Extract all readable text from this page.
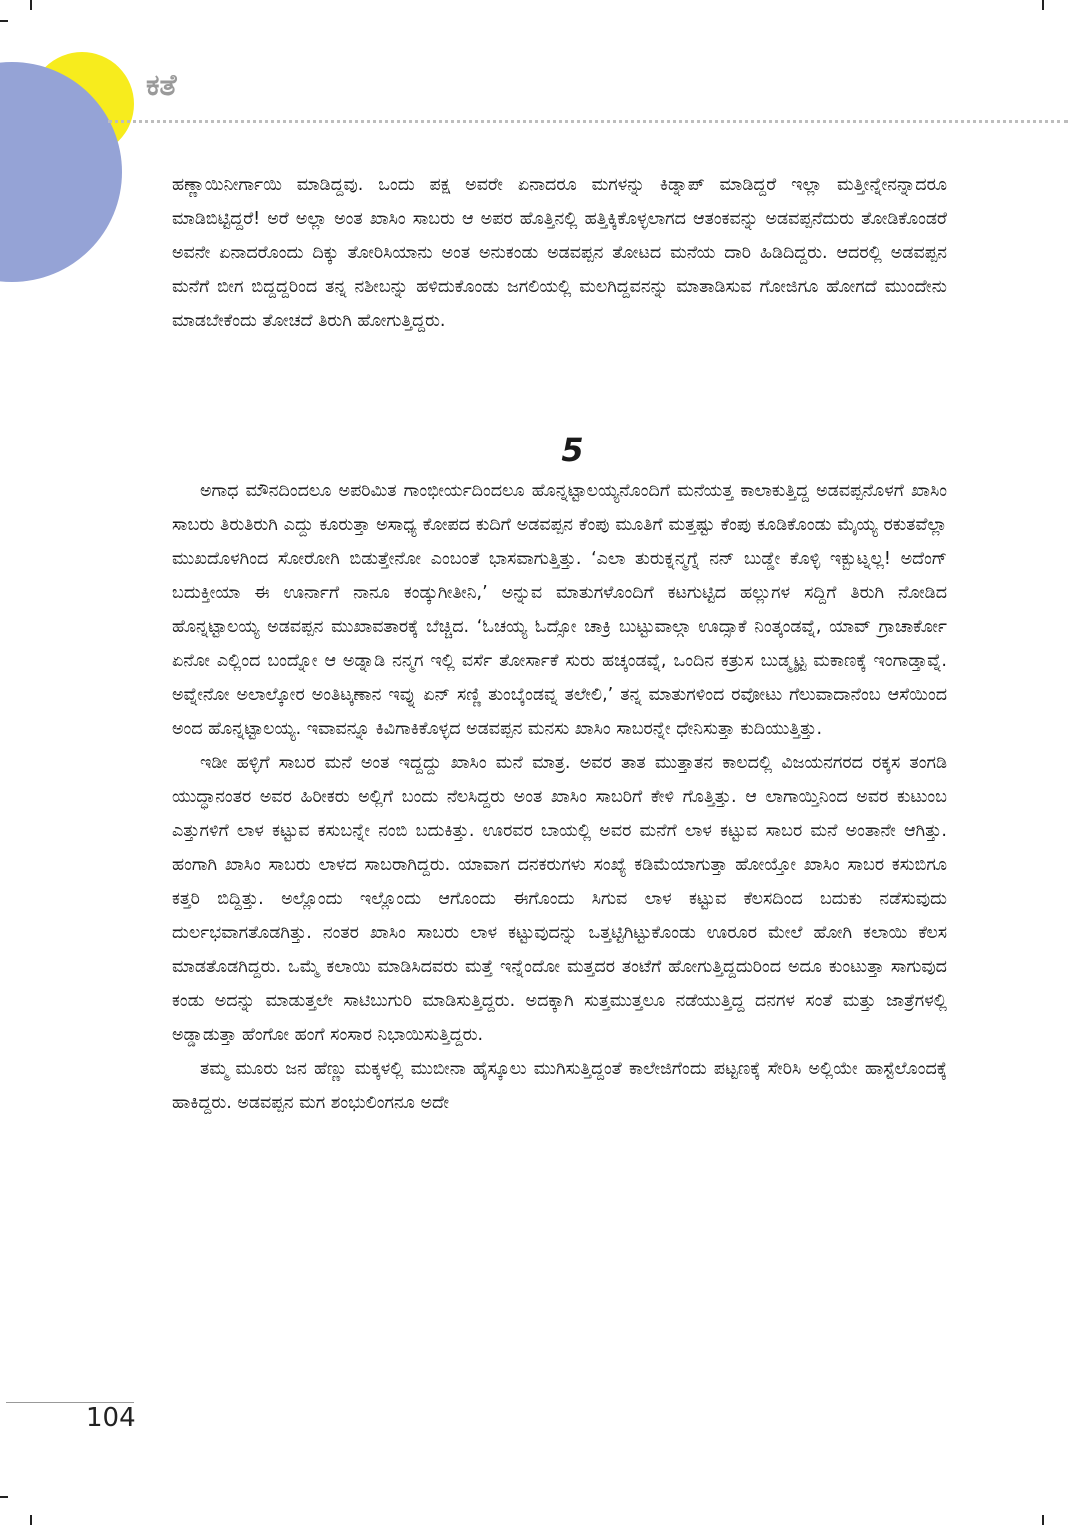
ಕತೆ

ಹಣ್ಣಾಯಿನೀರ್ಗಾಯಿ ಮಾಡಿದ್ದವು. ಒಂದು ಪಕ್ಷ ಅವರೇ ಏನಾದರೂ ಮಗಳನ್ನು ಕಿಡ್ನಾಪ್ ಮಾಡಿದ್ದರೆ ಇಲ್ಲಾ ಮತ್ತೀನ್ನೇನನ್ನಾದರೂ ಮಾಡಿಬಿಟ್ಟಿದ್ದರೆ! ಅರೆ ಅಲ್ಲಾ ಅಂತ ಖಾಸಿಂ ಸಾಬರು ಆ ಅಪರ ಹೊತ್ತಿನಲ್ಲಿ ಹತ್ತಿಕ್ಕಿಕೊಳ್ಳಲಾಗದ ಆತಂಕವನ್ನು ಅಡವಪ್ಪನೆದುರು ತೋಡಿಕೊಂಡರೆ ಅವನೇ ಏನಾದರೊಂದು ದಿಕ್ಕು ತೋರಿಸಿಯಾನು ಅಂತ ಅನುಕಂಡು ಅಡವಪ್ಪನ ತೋಟದ ಮನೆಯ ದಾರಿ ಹಿಡಿದಿದ್ದರು. ಆದರಲ್ಲಿ ಅಡವಪ್ಪನ ಮನೆಗೆ ಬೀಗ ಬಿದ್ದದ್ದರಿಂದ ತನ್ನ ನಶೀಬನ್ನು ಹಳಿದುಕೊಂಡು ಜಗಲಿಯಲ್ಲಿ ಮಲಗಿದ್ದವನನ್ನು ಮಾತಾಡಿಸುವ ಗೋಜಿಗೂ ಹೋಗದೆ ಮುಂದೇನು ಮಾಡಬೇಕೆಂದು ತೋಚದೆ ತಿರುಗಿ ಹೋಗುತ್ತಿದ್ದರು.

5

ಅಗಾಧ ಮೌನದಿಂದಲೂ ಅಪರಿಮಿತ ಗಾಂಭೀರ್ಯದಿಂದಲೂ ಹೊನ್ನಟ್ಟಾಲಯ್ಯನೊಂದಿಗೆ ಮನೆಯತ್ತ ಕಾಲಾಕುತ್ತಿದ್ದ ಅಡವಪ್ಪನೊಳಗೆ ಖಾಸಿಂ ಸಾಬರು ತಿರುತಿರುಗಿ ಎದ್ದು ಕೂರುತ್ತಾ ಅಸಾಧ್ಯ ಕೋಪದ ಕುದಿಗೆ ಅಡವಪ್ಪನ ಕೆಂಪು ಮೂತಿಗೆ ಮತ್ತಷ್ಟು ಕೆಂಪು ಕೂಡಿಕೊಂಡು ಮೈಯ್ಯ ರಕುತವೆಲ್ಲಾ ಮುಖದೊಳಗಿಂದ ಸೋರೋಗಿ ಬಿಡುತ್ತೇನೋ ಎಂಬಂತೆ ಭಾಸವಾಗುತ್ತಿತ್ತು. ‘ಎಲಾ ತುರುಕ್ನನ್ಮಗ್ನೆ ನನ್ ಬುಡ್ಡೇ ಕೊಳ್ಳಿ ಇಕ್ಬುಟ್ನಲ್ಲ! ಅದೆಂಗ್ ಬದುಕ್ತೀಯಾ ಈ ಊರ್ನಾಗೆ ನಾನೂ ಕಂಡ್ಕುಗೀತೀನಿ,’ ಅನ್ನುವ ಮಾತುಗಳೊಂದಿಗೆ ಕಟಗುಟ್ಟಿದ ಹಲ್ಲುಗಳ ಸದ್ದಿಗೆ ತಿರುಗಿ ನೋಡಿದ ಹೊನ್ನಟ್ಟಾಲಯ್ಯ ಅಡವಪ್ಪನ ಮುಖಾವತಾರಕ್ಕೆ ಬೆಚ್ಚಿದ. ‘ಓಚಯ್ಯ ಓದ್ಸೋ ಚಾಕ್ರಿ ಬುಟ್ಟುವಾಲ್ಗಾ ಊದ್ಸಾಕೆ ನಿಂತ್ಕಂಡವ್ನೆ, ಯಾವ್ ಗ್ರಾಚಾರ್ಕೋ ಏನೋ ಎಲ್ಲಿಂದ ಬಂದ್ನೋ ಆ ಅಡ್ನಾಡಿ ನನ್ಮಗ ಇಲ್ಲಿ ವರ್ಸೆ ತೋರ್ಸಾಕೆ ಸುರು ಹಚ್ಕಂಡವ್ನೆ, ಒಂದಿನ ಕತ್ರುಸ ಬುಡ್ಮೃಟ್ಟ ಮಕಾಣಕ್ಕೆ ಇಂಗಾಡ್ತಾವ್ನೆ. ಅವ್ನೇನೋ ಅಲಾಲ್ಕೋರ ಅಂತಿಟ್ಕಣಾನ ಇವ್ನು ಏನ್ ಸಣ್ಣಿ ತುಂಬ್ಕೆಂಡವ್ನ ತಲೇಲಿ,’ ತನ್ನ ಮಾತುಗಳಿಂದ ರವೋಟು ಗೆಲುವಾದಾನೆಂಬ ಆಸೆಯಿಂದ ಅಂದ ಹೊನ್ನಟ್ಟಾಲಯ್ಯ. ಇವಾವನ್ನೂ ಕಿವಿಗಾಕಿಕೊಳ್ಳದ ಅಡವಪ್ಪನ ಮನಸು ಖಾಸಿಂ ಸಾಬರನ್ನೇ ಧೇನಿಸುತ್ತಾ ಕುದಿಯುತ್ತಿತ್ತು.

ಇಡೀ ಹಳ್ಳಿಗೆ ಸಾಬರ ಮನೆ ಅಂತ ಇದ್ದದ್ದು ಖಾಸಿಂ ಮನೆ ಮಾತ್ರ. ಅವರ ತಾತ ಮುತ್ತಾತನ ಕಾಲದಲ್ಲಿ ವಿಜಯನಗರದ ರಕ್ಕಸ ತಂಗಡಿ ಯುದ್ಧಾನಂತರ ಅವರ ಹಿರೀಕರು ಅಲ್ಲಿಗೆ ಬಂದು ನೆಲಸಿದ್ದರು ಅಂತ ಖಾಸಿಂ ಸಾಬರಿಗೆ ಕೇಳಿ ಗೊತ್ತಿತ್ತು. ಆ ಲಾಗಾಯ್ತಿನಿಂದ ಅವರ ಕುಟುಂಬ ಎತ್ತುಗಳಿಗೆ ಲಾಳ ಕಟ್ಟುವ ಕಸುಬನ್ನೇ ನಂಬಿ ಬದುಕಿತ್ತು. ಊರವರ ಬಾಯಲ್ಲಿ ಅವರ ಮನೆಗೆ ಲಾಳ ಕಟ್ಟುವ ಸಾಬರ ಮನೆ ಅಂತಾನೇ ಆಗಿತ್ತು. ಹಂಗಾಗಿ ಖಾಸಿಂ ಸಾಬರು ಲಾಳದ ಸಾಬರಾಗಿದ್ದರು. ಯಾವಾಗ ದನಕರುಗಳು ಸಂಖ್ಯೆ ಕಡಿಮೆಯಾಗುತ್ತಾ ಹೋಯ್ತೋ ಖಾಸಿಂ ಸಾಬರ ಕಸುಬಿಗೂ ಕತ್ತರಿ ಬಿದ್ದಿತ್ತು. ಅಲ್ಲೊಂದು ಇಲ್ಲೊಂದು ಆಗೊಂದು ಈಗೊಂದು ಸಿಗುವ ಲಾಳ ಕಟ್ಟುವ ಕೆಲಸದಿಂದ ಬದುಕು ನಡೆಸುವುದು ದುರ್ಲಭವಾಗತೊಡಗಿತ್ತು. ನಂತರ ಖಾಸಿಂ ಸಾಬರು ಲಾಳ ಕಟ್ಟುವುದನ್ನು ಒತ್ತಟ್ಟಿಗಿಟ್ಟುಕೊಂಡು ಊರೂರ ಮೇಲೆ ಹೋಗಿ ಕಲಾಯಿ ಕೆಲಸ ಮಾಡತೊಡಗಿದ್ದರು. ಒಮ್ಮೆ ಕಲಾಯಿ ಮಾಡಿಸಿದವರು ಮತ್ತೆ ಇನ್ನೆಂದೋ ಮತ್ತದರ ತಂಟೆಗೆ ಹೋಗುತ್ತಿದ್ದದುರಿಂದ ಅದೂ ಕುಂಟುತ್ತಾ ಸಾಗುವುದ ಕಂಡು ಅದನ್ನು ಮಾಡುತ್ತಲೇ ಸಾಟಿಬುಗುರಿ ಮಾಡಿಸುತ್ತಿದ್ದರು. ಅದಕ್ಕಾಗಿ ಸುತ್ತಮುತ್ತಲೂ ನಡೆಯುತ್ತಿದ್ದ ದನಗಳ ಸಂತೆ ಮತ್ತು ಜಾತ್ರೆಗಳಲ್ಲಿ ಅಡ್ಡಾಡುತ್ತಾ ಹೆಂಗೋ ಹಂಗೆ ಸಂಸಾರ ನಿಭಾಯಿಸುತ್ತಿದ್ದರು.

ತಮ್ಮ ಮೂರು ಜನ ಹೆಣ್ಣು ಮಕ್ಕಳಲ್ಲಿ ಮುಬೀನಾ ಹೈಸ್ಕೂಲು ಮುಗಿಸುತ್ತಿದ್ದಂತೆ ಕಾಲೇಜಿಗೆಂದು ಪಟ್ಟಣಕ್ಕೆ ಸೇರಿಸಿ ಅಲ್ಲಿಯೇ ಹಾಸ್ಟೆಲೊಂದಕ್ಕೆ ಹಾಕಿದ್ದರು. ಅಡವಪ್ಪನ ಮಗ ಶಂಭುಲಿಂಗನೂ ಅದೇ

104
